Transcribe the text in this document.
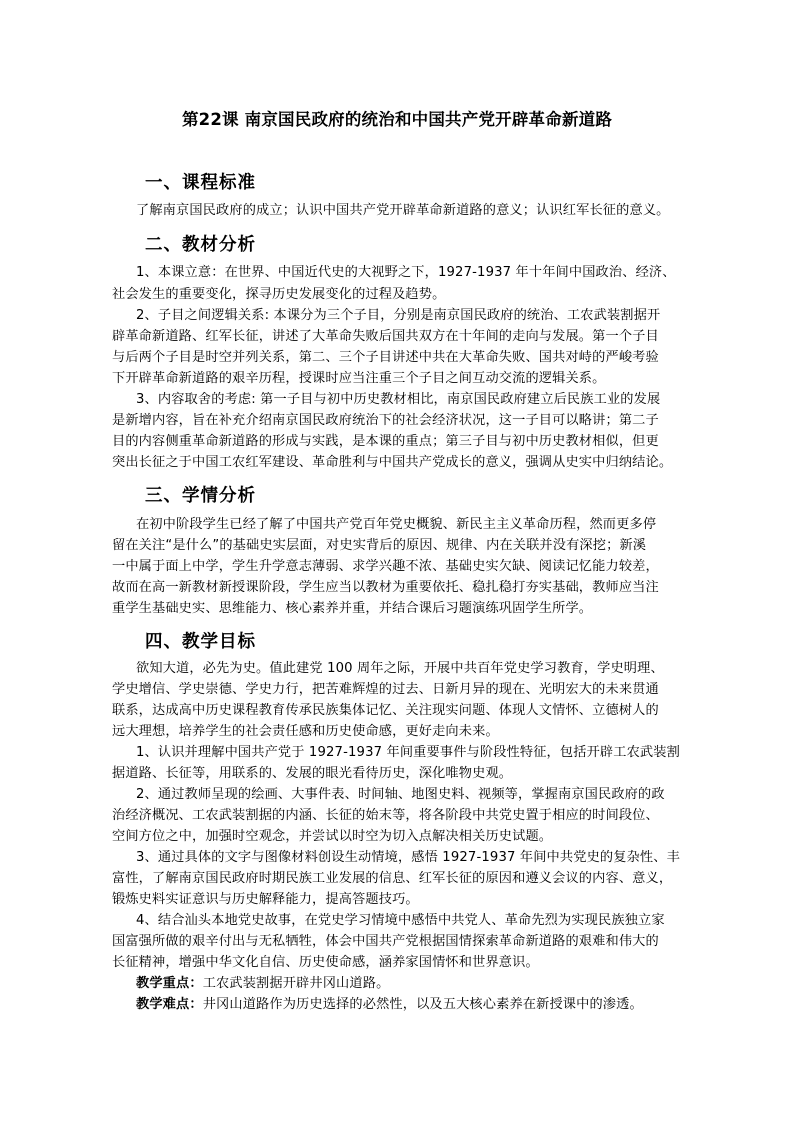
第22课 南京国民政府的统治和中国共产党开辟革命新道路
一、课程标准

了解南京国民政府的成立；认识中国共产党开辟革命新道路的意义；认识红军长征的意义。

二、教材分析

1、本课立意：在世界、中国近代史的大视野之下，1927-1937 年十年间中国政治、经济、

社会发生的重要变化，探寻历史发展变化的过程及趋势。

2、子目之间逻辑关系: 本课分为三个子目，分别是南京国民政府的统治、工农武装割据开

辟革命新道路、红军长征，讲述了大革命失败后国共双方在十年间的走向与发展。第一个子目

与后两个子目是时空并列关系，第二、三个子目讲述中共在大革命失败、国共对峙的严峻考验

下开辟革命新道路的艰辛历程，授课时应当注重三个子目之间互动交流的逻辑关系。

3、内容取舍的考虑: 第一子目与初中历史教材相比，南京国民政府建立后民族工业的发展

是新增内容，旨在补充介绍南京国民政府统治下的社会经济状况，这一子目可以略讲；第二子

目的内容侧重革命新道路的形成与实践，是本课的重点；第三子目与初中历史教材相似，但更

突出长征之于中国工农红军建设、革命胜利与中国共产党成长的意义，强调从史实中归纳结论。

三、学情分析

在初中阶段学生已经了解了中国共产党百年党史概貌、新民主主义革命历程，然而更多停

留在关注“是什么”的基础史实层面，对史实背后的原因、规律、内在关联并没有深挖；新溪

一中属于面上中学，学生升学意志薄弱、求学兴趣不浓、基础史实欠缺、阅读记忆能力较差，

故而在高一新教材新授课阶段，学生应当以教材为重要依托、稳扎稳打夯实基础，教师应当注

重学生基础史实、思维能力、核心素养并重，并结合课后习题演练巩固学生所学。

四、教学目标

欲知大道，必先为史。值此建党 100 周年之际，开展中共百年党史学习教育，学史明理、

学史增信、学史崇德、学史力行，把苦难辉煌的过去、日新月异的现在、光明宏大的未来贯通

联系，达成高中历史课程教育传承民族集体记忆、关注现实问题、体现人文情怀、立德树人的

远大理想，培养学生的社会责任感和历史使命感，更好走向未来。

1、认识并理解中国共产党于 1927-1937 年间重要事件与阶段性特征，包括开辟工农武装割

据道路、长征等，用联系的、发展的眼光看待历史，深化唯物史观。

2、通过教师呈现的绘画、大事件表、时间轴、地图史料、视频等，掌握南京国民政府的政

治经济概况、工农武装割据的内涵、长征的始末等，将各阶段中共党史置于相应的时间段位、

空间方位之中，加强时空观念，并尝试以时空为切入点解决相关历史试题。

3、通过具体的文字与图像材料创设生动情境，感悟 1927-1937 年间中共党史的复杂性、丰

富性，了解南京国民政府时期民族工业发展的信息、红军长征的原因和遵义会议的内容、意义，

锻炼史料实证意识与历史解释能力，提高答题技巧。

4、结合汕头本地党史故事，在党史学习情境中感悟中共党人、革命先烈为实现民族独立家

国富强所做的艰辛付出与无私牺牲，体会中国共产党根据国情探索革命新道路的艰难和伟大的

长征精神，增强中华文化自信、历史使命感，涵养家国情怀和世界意识。

教学重点：工农武装割据开辟井冈山道路。

教学难点：井冈山道路作为历史选择的必然性，以及五大核心素养在新授课中的渗透。
